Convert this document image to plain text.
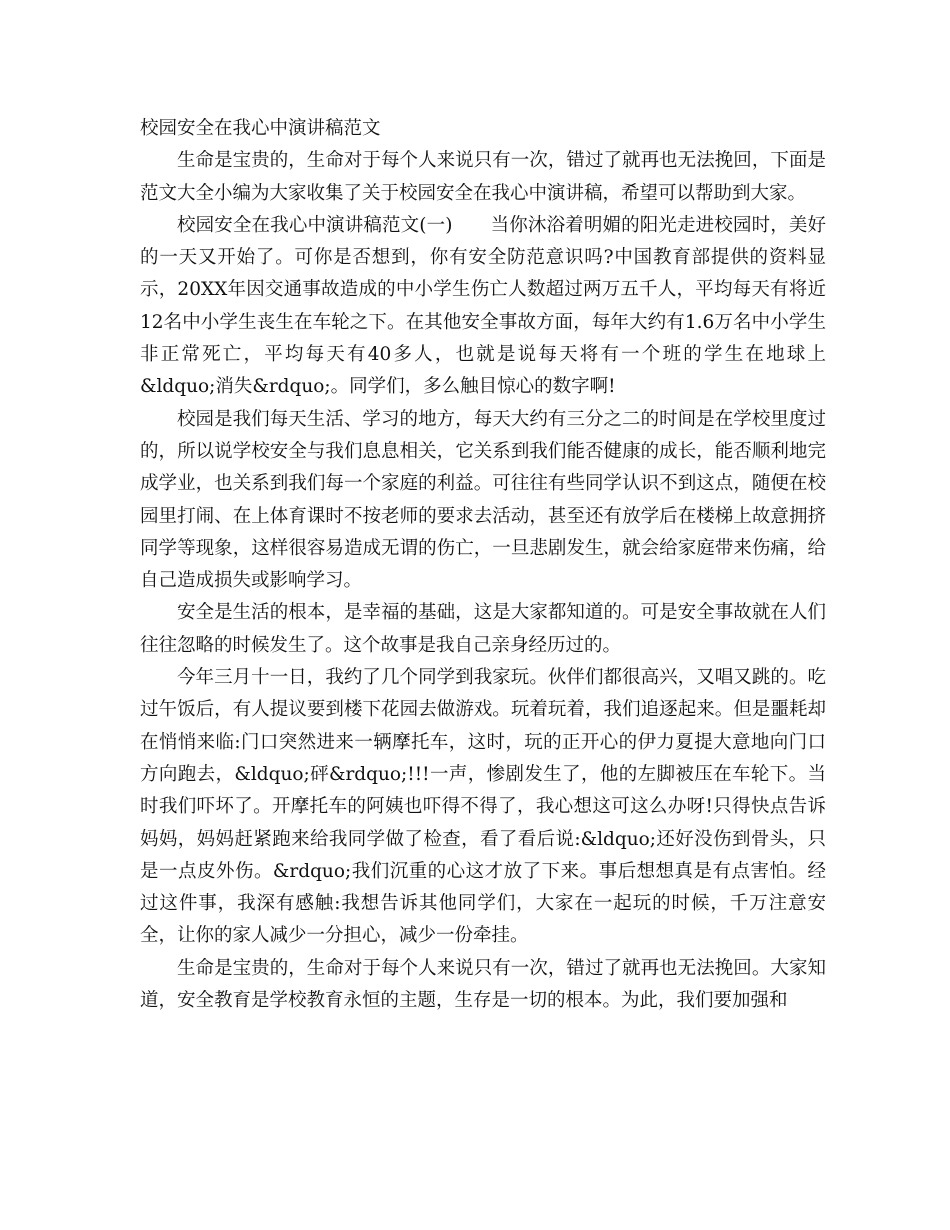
校园安全在我心中演讲稿范文

生命是宝贵的，生命对于每个人来说只有一次，错过了就再也无法挽回，下面是范文大全小编为大家收集了关于校园安全在我心中演讲稿，希望可以帮助到大家。

校园安全在我心中演讲稿范文(一) 当你沐浴着明媚的阳光走进校园时，美好的一天又开始了。可你是否想到，你有安全防范意识吗?中国教育部提供的资料显示，20XX年因交通事故造成的中小学生伤亡人数超过两万五千人，平均每天有将近12名中小学生丧生在车轮之下。在其他安全事故方面，每年大约有1.6万名中小学生非正常死亡，平均每天有40多人，也就是说每天将有一个班的学生在地球上&ldquo;消失&rdquo;。同学们，多么触目惊心的数字啊!

校园是我们每天生活、学习的地方，每天大约有三分之二的时间是在学校里度过的，所以说学校安全与我们息息相关，它关系到我们能否健康的成长，能否顺利地完成学业，也关系到我们每一个家庭的利益。可往往有些同学认识不到这点，随便在校园里打闹、在上体育课时不按老师的要求去活动，甚至还有放学后在楼梯上故意拥挤同学等现象，这样很容易造成无谓的伤亡，一旦悲剧发生，就会给家庭带来伤痛，给自己造成损失或影响学习。

安全是生活的根本，是幸福的基础，这是大家都知道的。可是安全事故就在人们往往忽略的时候发生了。这个故事是我自己亲身经历过的。

今年三月十一日，我约了几个同学到我家玩。伙伴们都很高兴，又唱又跳的。吃过午饭后，有人提议要到楼下花园去做游戏。玩着玩着，我们追逐起来。但是噩耗却在悄悄来临:门口突然进来一辆摩托车，这时，玩的正开心的伊力夏提大意地向门口方向跑去，&ldquo;砰&rdquo;!!!一声，惨剧发生了，他的左脚被压在车轮下。当时我们吓坏了。开摩托车的阿姨也吓得不得了，我心想这可这么办呀!只得快点告诉妈妈，妈妈赶紧跑来给我同学做了检查，看了看后说:&ldquo;还好没伤到骨头，只是一点皮外伤。&rdquo;我们沉重的心这才放了下来。事后想想真是有点害怕。经过这件事，我深有感触:我想告诉其他同学们，大家在一起玩的时候，千万注意安全，让你的家人减少一分担心，减少一份牵挂。

生命是宝贵的，生命对于每个人来说只有一次，错过了就再也无法挽回。大家知道，安全教育是学校教育永恒的主题，生存是一切的根本。为此，我们要加强和
